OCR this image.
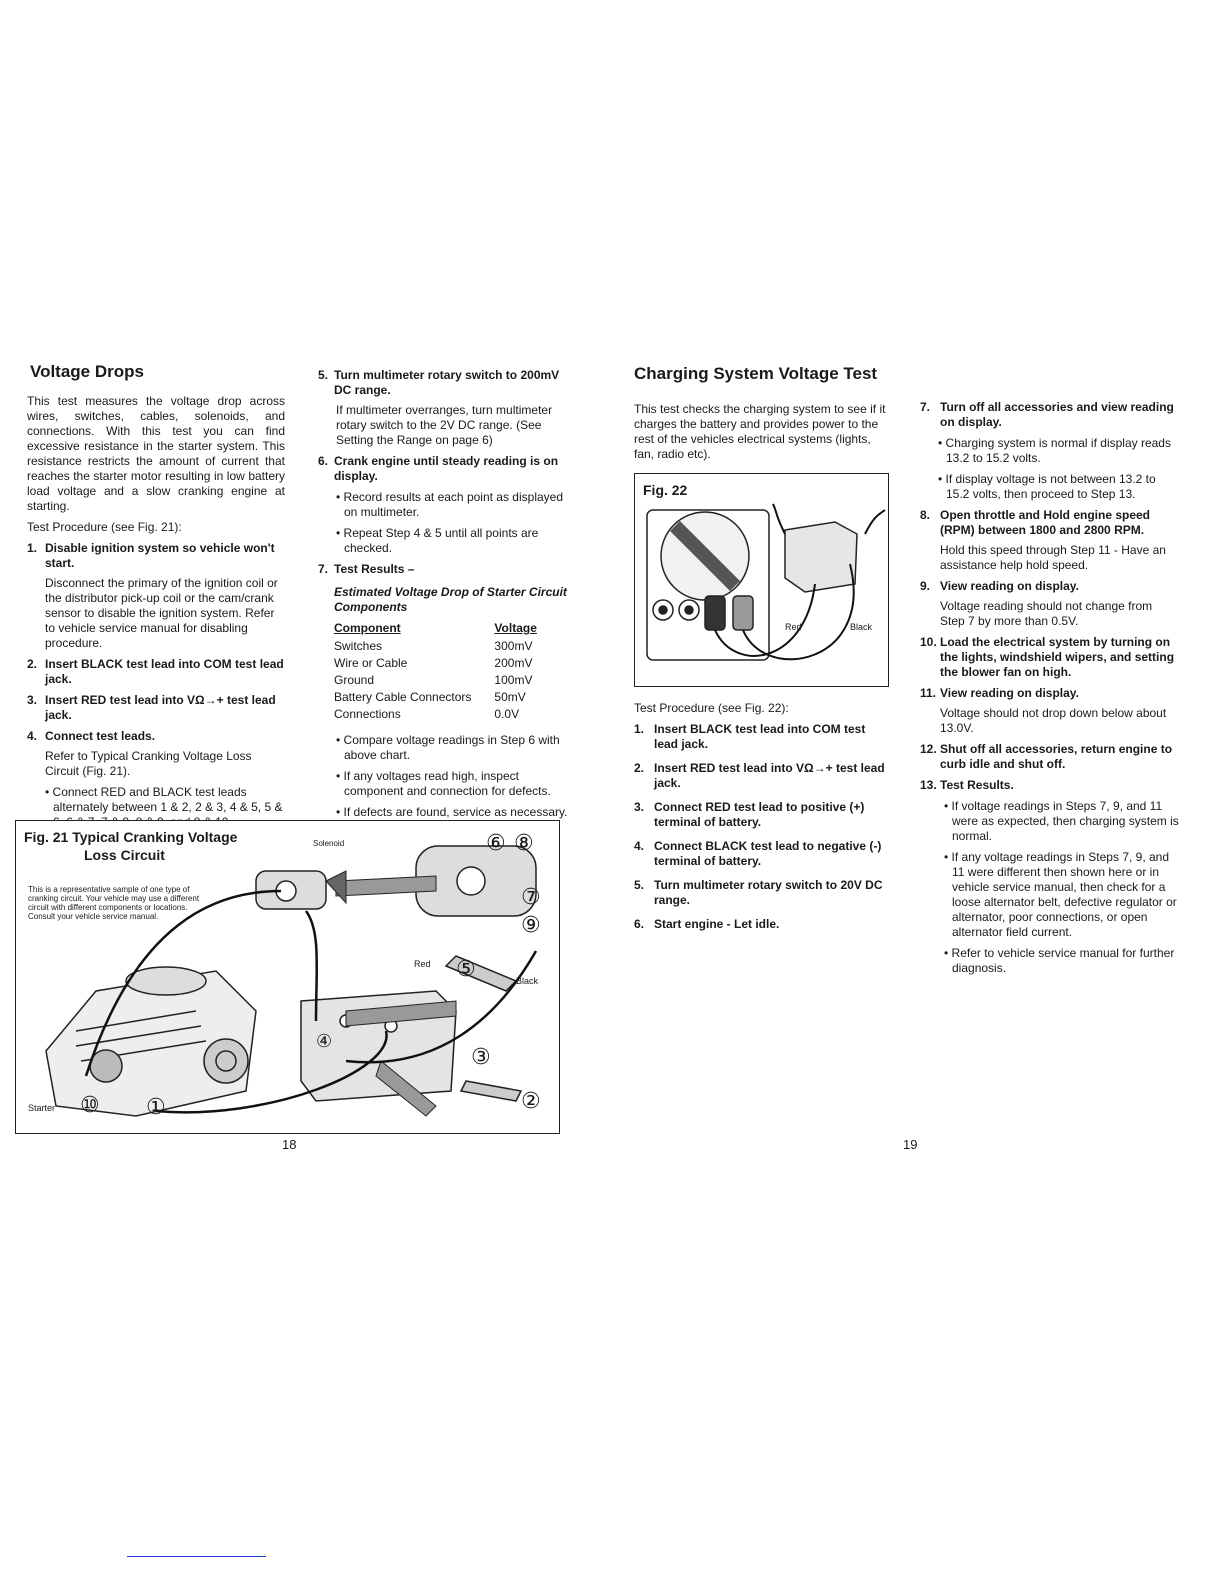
Voltage Drops

This test measures the voltage drop across wires, switches, cables, solenoids, and connections. With this test you can find excessive resistance in the starter system. This resistance restricts the amount of current that reaches the starter motor resulting in low battery load voltage and a slow cranking engine at starting.

Test Procedure (see Fig. 21):

1. Disable ignition system so vehicle won't start.

Disconnect the primary of the ignition coil or the distributor pick-up coil or the cam/crank sensor to disable the ignition system. Refer to vehicle service manual for disabling procedure.

2. Insert BLACK test lead into COM test lead jack.
3. Insert RED test lead into VΩ→+ test lead jack.
4. Connect test leads.

Refer to Typical Cranking Voltage Loss Circuit (Fig. 21).

• Connect RED and BLACK test leads alternately between 1 & 2, 2 & 3, 4 & 5, 5 &

5. Turn multimeter rotary switch to 200mV DC range.

If multimeter overranges, turn multimeter rotary switch to the 2V DC range. (See Setting the Range on page 6)

6. Crank engine until steady reading is on display.

• Record results at each point as displayed on multimeter.

• Repeat Step 4 & 5 until all points are checked.

7. Test Results –

Estimated Voltage Drop of Starter Circuit Components

Component	Voltage
Switches	300mV
Wire or Cable	200mV
Ground	100mV
Battery Cable Connectors	50mV
Connections	0.0V

• Compare voltage readings in Step 6 with above chart.

• If any voltages read high, inspect component and connection for defects.

• If defects are found, service as necessary.

Fig. 21 Typical Cranking Voltage
Loss Circuit
This is a representative sample of one type of cranking circuit. Your vehicle may use a different circuit with different components or locations. Consult your vehicle service manual.
Solenoid
Red
Black
Starter	①	②
③
④
⑤
⑥
⑦
⑧
⑨
⑩
18
Charging System Voltage Test

This test checks the charging system to see if it charges the battery and provides power to the rest of the vehicles electrical systems (lights, fan, radio etc).

Fig. 22
Red	Black

Test Procedure (see Fig. 22):

1. Insert BLACK test lead into COM test lead jack.
2. Insert RED test lead into VΩ→+ test lead jack.
3. Connect RED test lead to positive (+) terminal of battery.
4. Connect BLACK test lead to negative (-) terminal of battery.
5. Turn multimeter rotary switch to 20V DC range.
6. Start engine - Let idle.
7. Turn off all accessories and view reading on display.

• Charging system is normal if display reads 13.2 to 15.2 volts.

• If display voltage is not between 13.2 to 15.2 volts, then proceed to Step 13.

8. Open throttle and Hold engine speed (RPM) between 1800 and 2800 RPM.

Hold this speed through Step 11 - Have an assistance help hold speed.

9. View reading on display.

Voltage reading should not change from Step 7 by more than 0.5V.

10. Load the electrical system by turning on the lights, windshield wipers, and setting the blower fan on high.
11. View reading on display.

Voltage should not drop down below about 13.0V.

12. Shut off all accessories, return engine to curb idle and shut off.
13. Test Results.

• If voltage readings in Steps 7, 9, and 11 were as expected, then charging system is normal.

• If any voltage readings in Steps 7, 9, and 11 were different then shown here or in vehicle service manual, then check for a loose alternator belt, defective regulator or alternator, poor connections, or open alternator field current.

• Refer to vehicle service manual for further diagnosis.

19
